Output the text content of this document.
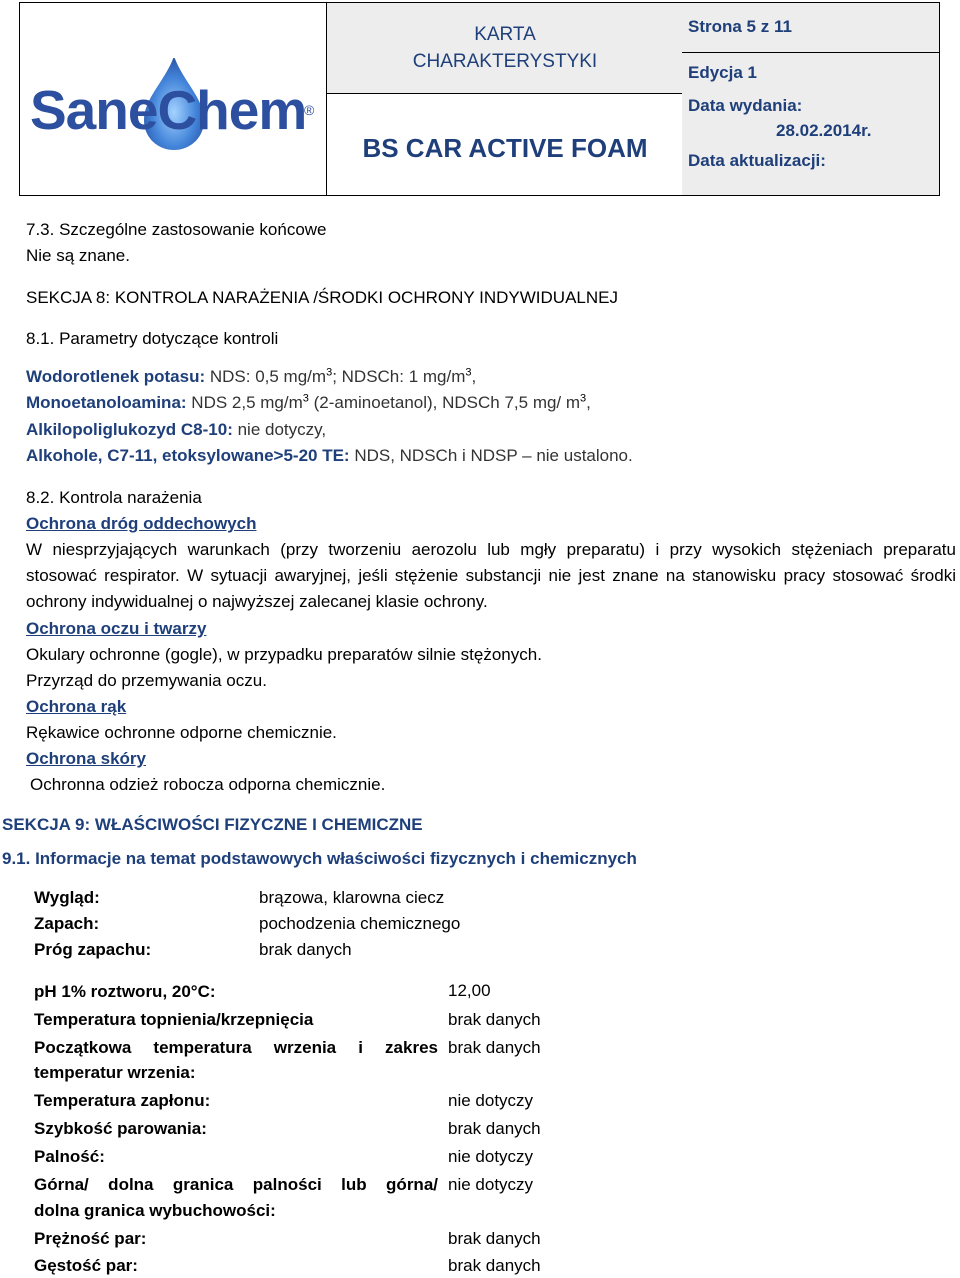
SaneChem
®
KARTA CHARAKTERYSTYKI
BS CAR ACTIVE FOAM
Strona 5 z 11
Edycja 1
Data wydania:
28.02.2014r.
Data aktualizacji:
7.3. Szczególne zastosowanie końcowe
Nie są znane.
SEKCJA 8: KONTROLA NARAŻENIA /ŚRODKI OCHRONY INDYWIDUALNEJ
8.1. Parametry dotyczące kontroli
Wodorotlenek potasu: NDS: 0,5 $mg/m^3$; NDSCh: 1 $mg/m^3$,
Monoetanoloamina: NDS 2,5 $mg/m^3$ (2-aminoetanol), NDSCh 7,5 mg/ $m^3$,
Alkilopoliglukozyd C8-10: nie dotyczy,
Alkohole, C7-11, etoksylowane>5-20 TE: NDS, NDSCh i NDSP – nie ustalono.
8.2. Kontrola narażenia
Ochrona dróg oddechowych
W niesprzyjających warunkach (przy tworzeniu aerozolu lub mgły preparatu) i przy wysokich stężeniach preparatu stosować respirator. W sytuacji awaryjnej, jeśli stężenie substancji nie jest znane na stanowisku pracy stosować środki ochrony indywidualnej o najwyższej zalecanej klasie ochrony.
Ochrona oczu i twarzy
Okulary ochronne (gogle), w przypadku preparatów silnie stężonych.
Przyrząd do przemywania oczu.
Ochrona rąk
Rękawice ochronne odporne chemicznie.
Ochrona skóry
Ochronna odzież robocza odporna chemicznie.
SEKCJA 9: WŁAŚCIWOŚCI FIZYCZNE I CHEMICZNE
9.1. Informacje na temat podstawowych właściwości fizycznych i chemicznych
Wygląd:	brązowa, klarowna ciecz
Zapach:	pochodzenia chemicznego
Próg zapachu:	brak danych
pH 1% roztworu, 20°C:	12,00
Temperatura topnienia/krzepnięcia	brak danych
Początkowa temperatura wrzenia i zakres
temperatur wrzenia:
brak danych
Temperatura zapłonu:	nie dotyczy
Szybkość parowania:	brak danych
Palność:	nie dotyczy
Górna/ dolna granica palności lub górna/
dolna granica wybuchowości:
nie dotyczy
Prężność par:	brak danych
Gęstość par:	brak danych
